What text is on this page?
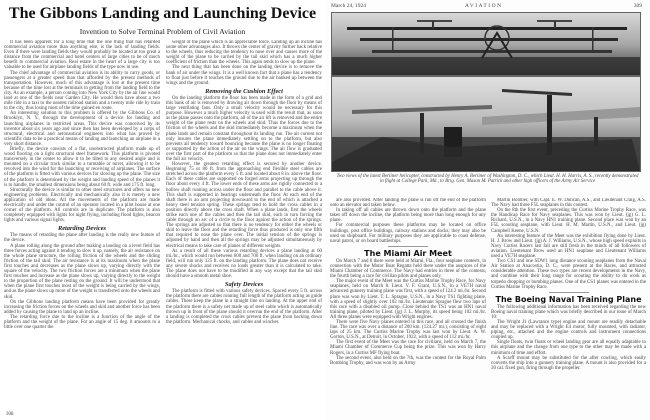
The Gibbons Landing and Launching Device
Invention to Solve Terminal Problem of Civil Aviation

It has been apparent for a long time that the one thing that has retarded commercial aviation more than anything else, is the lack of landing fields. Even if there were landing fields they would probably be located at too great a distance from the commercial and hotel centers of large cities to be of much benefit to commercial aviation. Real estate in the heart of a large city is too valuable to be used for airplane landing fields of the type now in use.

The chief advantage of commercial aviation is its ability to carry goods, or passengers at a greater speed than that afforded by the present methods of transportation. However, much of this advantage is lost at the present time because of the time lost at the terminals in getting from the landing field to the city. As an example, a person coming into New York City by the air line would land at one of the fields near Garden City. He would then have about a two mile ride in a taxi to the nearest railroad station and a twenty mile ride by train to the city, thus losing most of the time gained en route.

An interesting solution to this problem is offered by the Gibbons Co. of Brooklyn, N. Y., through the development of a device for landing and launching airplanes in restricted areas. This device was conceived by its inventor about six years ago and since then has been developed by a corps of structural, electrical and aeronautical engineers into what has proved by scientific data to be a practical means of landing and launching an airplane in a very short distance.

Briefly, the device consists of a flat, unobstructed platform made up of wood flooring on a light structural steel framework. This platform is pivoted transversely in the center to allow it to be tilted to any desired angle and is mounted on a circular track similar to a turntable or turret, allowing it to be revolved into the wind for the launching or receiving of airplanes. The surface of the platform is fitted with various devices for slowing up the plane. The size of the platform is determined by the weight and landing speed of the planes it is to handle, the smallest dimensions being about 60 ft. wide and 175 ft. long.

Structurally the device is similar to other steel structures and offers no new engineering problems. Electrically and mechanically also it is merely a new application of old ideas. All the movements of the platform are made electrically and under the control of an operator located in a pilot house at one corner of the platform. All controls are in duplicate. The platform is also completely equipped with lights for night flying, including flood lights, beacon lights and various signal lights.

Retarding Devices

The means of retarding the plane after landing is the really new feature of the device.

A plane rolling along the ground after making a landing on a level field has three forces acting against it tending to slow it up, namely, the air resistance on the whole plane structure, the rolling friction of the wheels and the sliding friction of the tail skid. The air resistance is at its maximum when the plane first touches and decreases as the plane slows up, varying directly with the square of the velocity. The two friction forces are a minimum when the plane first touches and increase as the plane slows up, varying directly to the weight to the proportion of the plane resting on the ground. It will be understood that when the plane first touches most of the weight is being carried by the wings, and as the plane slows up more of the weight is transferred onto the wheels and skid.

On the Gibbons landing platform means have been provided for greatly increasing the friction forces on the wheels and skid and another force has been added by causing the plane to land up an incline.

The retarding force due to the incline is a function of the angle of the platform and the weight of the plane. For an angle of 15 deg. it amounts to a little over one quarter the

weight of the plane which is an appreciable force. Landing up an incline has some other advantages also. It throws the center of gravity further back relative to the wheels, thus reducing the tendency to nose over and causes more of the weight of the plane to be carried by the tail skid which has a much higher coefficient of friction than the wheels. This again tends to slow up the plane.

The next thing that has been done on the landing device is to remove the bank of air under the wings. It is a well known fact that a plane has a tendency to float just before it touches the ground due to the air banked up between the wings and the ground.

Removing the Cushion Effect

On the landing platform the floor has been made in the form of a grid and this bank of air is removed by drawing air down through the floor by means of large ventilating fans. Only a small velocity would be necessary for this purpose. However a much higher velocity is used with the result that, as soon as the plane passes onto the platform, all of the air lift is removed and the entire weight of the plane rests on the wheels and skid. Thus the forces due to the friction of the wheels and the skid immediately become a maximum when the plane lands and remain constant throughout its landing run. The air current not only insures the plane immediately settling on to the platform, but also prevents all tendency toward bouncing because the plane is no longer floating or supported by the action of the air on the wings. The air flow is graduated over the first part of the platform so that the plane does not immediately enter the full air velocity.

However, the greatest retarding effect is secured by another device. Beginning 75 or 80 ft. from the approaching end flexible steel cables are stretched across the platform every 5 ft. and located about 8 in. above the floor. Each of these cables are supported on forged arms projecting up through the floor about every 4 ft. The lower ends of these arms are rigidly connected to a hollow shaft running across under the floor and parallel to the cable above it. This shaft is supported in bearings underneath the floor. At each end of the shaft there is an arm projecting downward to the end of which is attached a heavy steel tension spring. These springs tend to hold the cross cables in a position directly above the cross shaft. When a plane lands, first the wheels strike each one of the cables and then the tail skid, each in turn forcing the cable through an arc of a circle to the floor against the action of the springs. The springs are adjusted so that there is no tendency for either the wheels or skid to leave the floor and the retarding force thus produced is only one fifth that required to nose the plane over. The initial tension of the springs is adjusted by hand and then all the springs may be adjusted simultaneously by electrical means to take care of planes of different weights.

As a result of all these various retarding devices a plane landing at 60 mi./hr., which would run between 600 and 700 ft. when landing on an ordinary field, will run only 125 ft. on the landing platform. The plane does not receive any severe shocks and receives no loads greater than it is calculated to take. The plane does not have to be modified in any way except that the tail skid should have a smooth metal shoe.

Safety Devices

The platform is fitted with various safety devices. Spaced every 5 ft. across the platform there are cables running full length of the platform acting as guide cables. These keep the plane in a straight line on landing. At the upper end of the platform there is a safety net made up of steel cable which is automatically thrown up in front of the plane should it overrun the end of the platform. After a landing is completed the cross cables prevent the plane from backing down the platform. Mechanical chocks, and cables and winches

308
March 24, 1924	AVIATION	309
Two views of the latest Berliner helicopter, constructed by Henry A. Berliner of Washington, D. C., which Lieut. H. H. Harris, A. S., recently demonstrated in flight at College Park, Md., to Brig. Gen. Mason M. Patrick and other high officers of the Army Air Service

are also provided. After landing the plane is run off the end of the platform onto an elevator and taken below.

In taking off all cables are thrown down onto the platform and the plane takes off down the incline, the platform being more than long enough for any plane.

For commercial purposes these platforms may be located on office buildings, post office buildings, railway stations and docks; they may also be used on shipboard. For military purposes they are applicable to coast defense, naval patrol, or on board battleships.

The Miami Air Meet

On March 7 and 8 there were held at Miami, Fla., four seaplane contests, in connection with the Motor Boat Regatta held there under the auspices of the Miami Chamber of Commerce. The Navy had entries in three of the contests, the fourth being a race for civilian pilots and planes only.

The major event of the Meet was the Curtiss Marine Trophy Race, for Navy seaplanes, held on March 8. Lieut. V. F. Grant, U.S.N., in a VE7H naval advanced gunnery training plane was first, with a speed of 124.2 mi./hr. Second place was won by Lieut. T. L. Sprague, U.S.N., in a Navy TS1 fighting plane, with a speed of slightly over 102 mi./hr. Lieutenant Sprague flew two laps of this race with a disabled oil pump. Close behind the TS1 was an HN1 naval training plane, piloted by Lieut. (jg) J. L. Murphy, its speed being 102 mi./hr. All three planes were equipped with Wright engines.

There were five Navy planes entered in this race, and all crossed the finish line. The race was over a distance of 200 km. (124.27 mi.), consisting of eight laps of 25 km. The Curtiss Marine Trophy was last won by Lieut. A. W. Gorton, U.S.N., at Detroit, in October, 1922, with a speed of 112 mi./hr.

The first event of the Meet was the race for civilians, held on March 7, the Miami Chamber of Commerce Cup being the prize. This was won by Harry Rogers, in a Curtiss MF flying boat.

The second event, also held on the 7th, was the contest for the Royal Palm Bombing Trophy, and was won by an Army

Martin Bomber, with Capt. E. W. Duncan, A.S., and Lieutenant Craig, A.S. The Navy had three F5L seaplanes in this contest.

On the 8th the first event, preceding the Curtiss Marine Trophy Race, was the Handicap Race for Navy seaplanes. This was won by Lieut. (jg) G. L. Richard, U.S.N., in a Navy HN1 training plane. Second place was won by an F5L scouting seaplane, with Lieut. H. M. Martin, U.S.N., and Lieut. (jg) Campbell Keene, U.S.N.

An interesting feature of the Meet was the exhibition flying done by Lieut. H. J. Brow and Lieut. (jg) A. J. Williams, U.S.N., whose high speed exploits in Navy Curtiss Racers last fall are still fresh in the minds of all followers of aviation. Lieutenant Brow used an HN1 seaplane and Lieutenant Williams used a VE7H seaplane.

Two CS1 and one SDW1 long distance scouting seaplanes from the Naval Air Station at Anacostia, D. C., were present at the Races, and attracted considerable attention. These two types are recent developments in the Navy, and combine with their long range for scouting the ability to do work as torpedo dropping or bombing planes. One of the CS1 planes was entered in the Curtiss Marine Trophy Race.

The Boeing Naval Training Plane

The following additional information has been received regarding the new Boeing naval training plane which was briefly described in our issue of March 10:

The Wright J1 (Lawrance type) engine and mount are readily detachable and may be replaced with a Wright E4 motor, fully mounted, with radiator, piping, etc., attached and the engine controls and instrument connections coupled up.

Single floats, twin floats or wheel landing gear are all equally adaptable to this airplane and the change from one type to the other may be made with a minimum of time and effort.

A Scarff mount may be substituted for the after cowling, which easily converts the ship into a gunnery training plane. A mount is also provided for a 30 cal. fixed gun, firing through the propeller.
